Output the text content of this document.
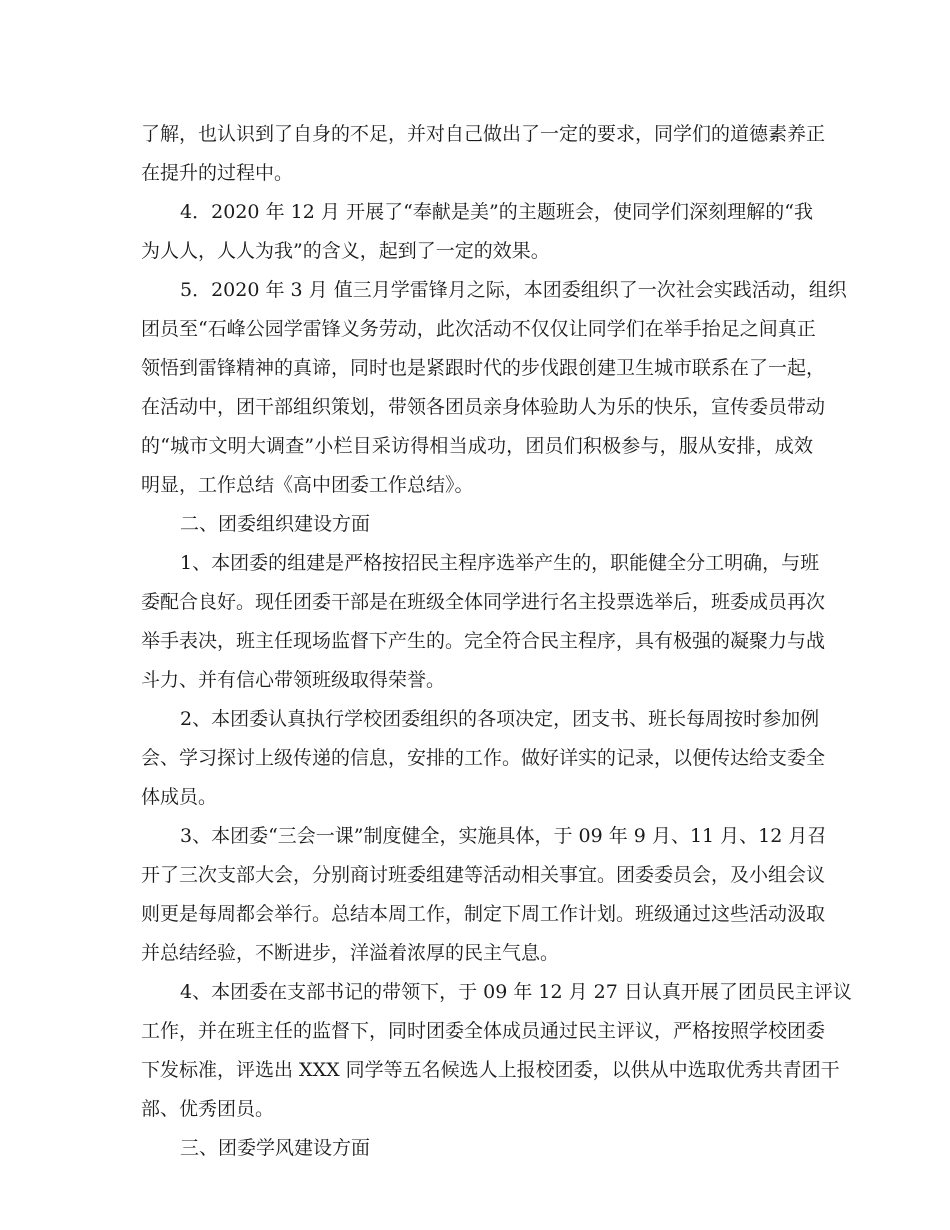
了解，也认识到了自身的不足，并对自己做出了一定的要求，同学们的道德素养正
在提升的过程中。
4．2020 年 12 月 开展了“奉献是美”的主题班会，使同学们深刻理解的“我
为人人，人人为我”的含义，起到了一定的效果。
5．2020 年 3 月 值三月学雷锋月之际，本团委组织了一次社会实践活动，组织
团员至“石峰公园学雷锋义务劳动，此次活动不仅仅让同学们在举手抬足之间真正
领悟到雷锋精神的真谛，同时也是紧跟时代的步伐跟创建卫生城市联系在了一起，
在活动中，团干部组织策划，带领各团员亲身体验助人为乐的快乐，宣传委员带动
的“城市文明大调查”小栏目采访得相当成功，团员们积极参与，服从安排，成效
明显，工作总结《高中团委工作总结》。
二、团委组织建设方面
1、本团委的组建是严格按招民主程序选举产生的，职能健全分工明确，与班
委配合良好。现任团委干部是在班级全体同学进行名主投票选举后，班委成员再次
举手表决，班主任现场监督下产生的。完全符合民主程序，具有极强的凝聚力与战
斗力、并有信心带领班级取得荣誉。
2、本团委认真执行学校团委组织的各项决定，团支书、班长每周按时参加例
会、学习探讨上级传递的信息，安排的工作。做好详实的记录，以便传达给支委全
体成员。
3、本团委“三会一课”制度健全，实施具体，于 09 年 9 月、11 月、12 月召
开了三次支部大会，分别商讨班委组建等活动相关事宜。团委委员会，及小组会议
则更是每周都会举行。总结本周工作，制定下周工作计划。班级通过这些活动汲取
并总结经验，不断进步，洋溢着浓厚的民主气息。
4、本团委在支部书记的带领下，于 09 年 12 月 27 日认真开展了团员民主评议
工作，并在班主任的监督下，同时团委全体成员通过民主评议，严格按照学校团委
下发标准，评选出 XXX 同学等五名候选人上报校团委，以供从中选取优秀共青团干
部、优秀团员。
三、团委学风建设方面
